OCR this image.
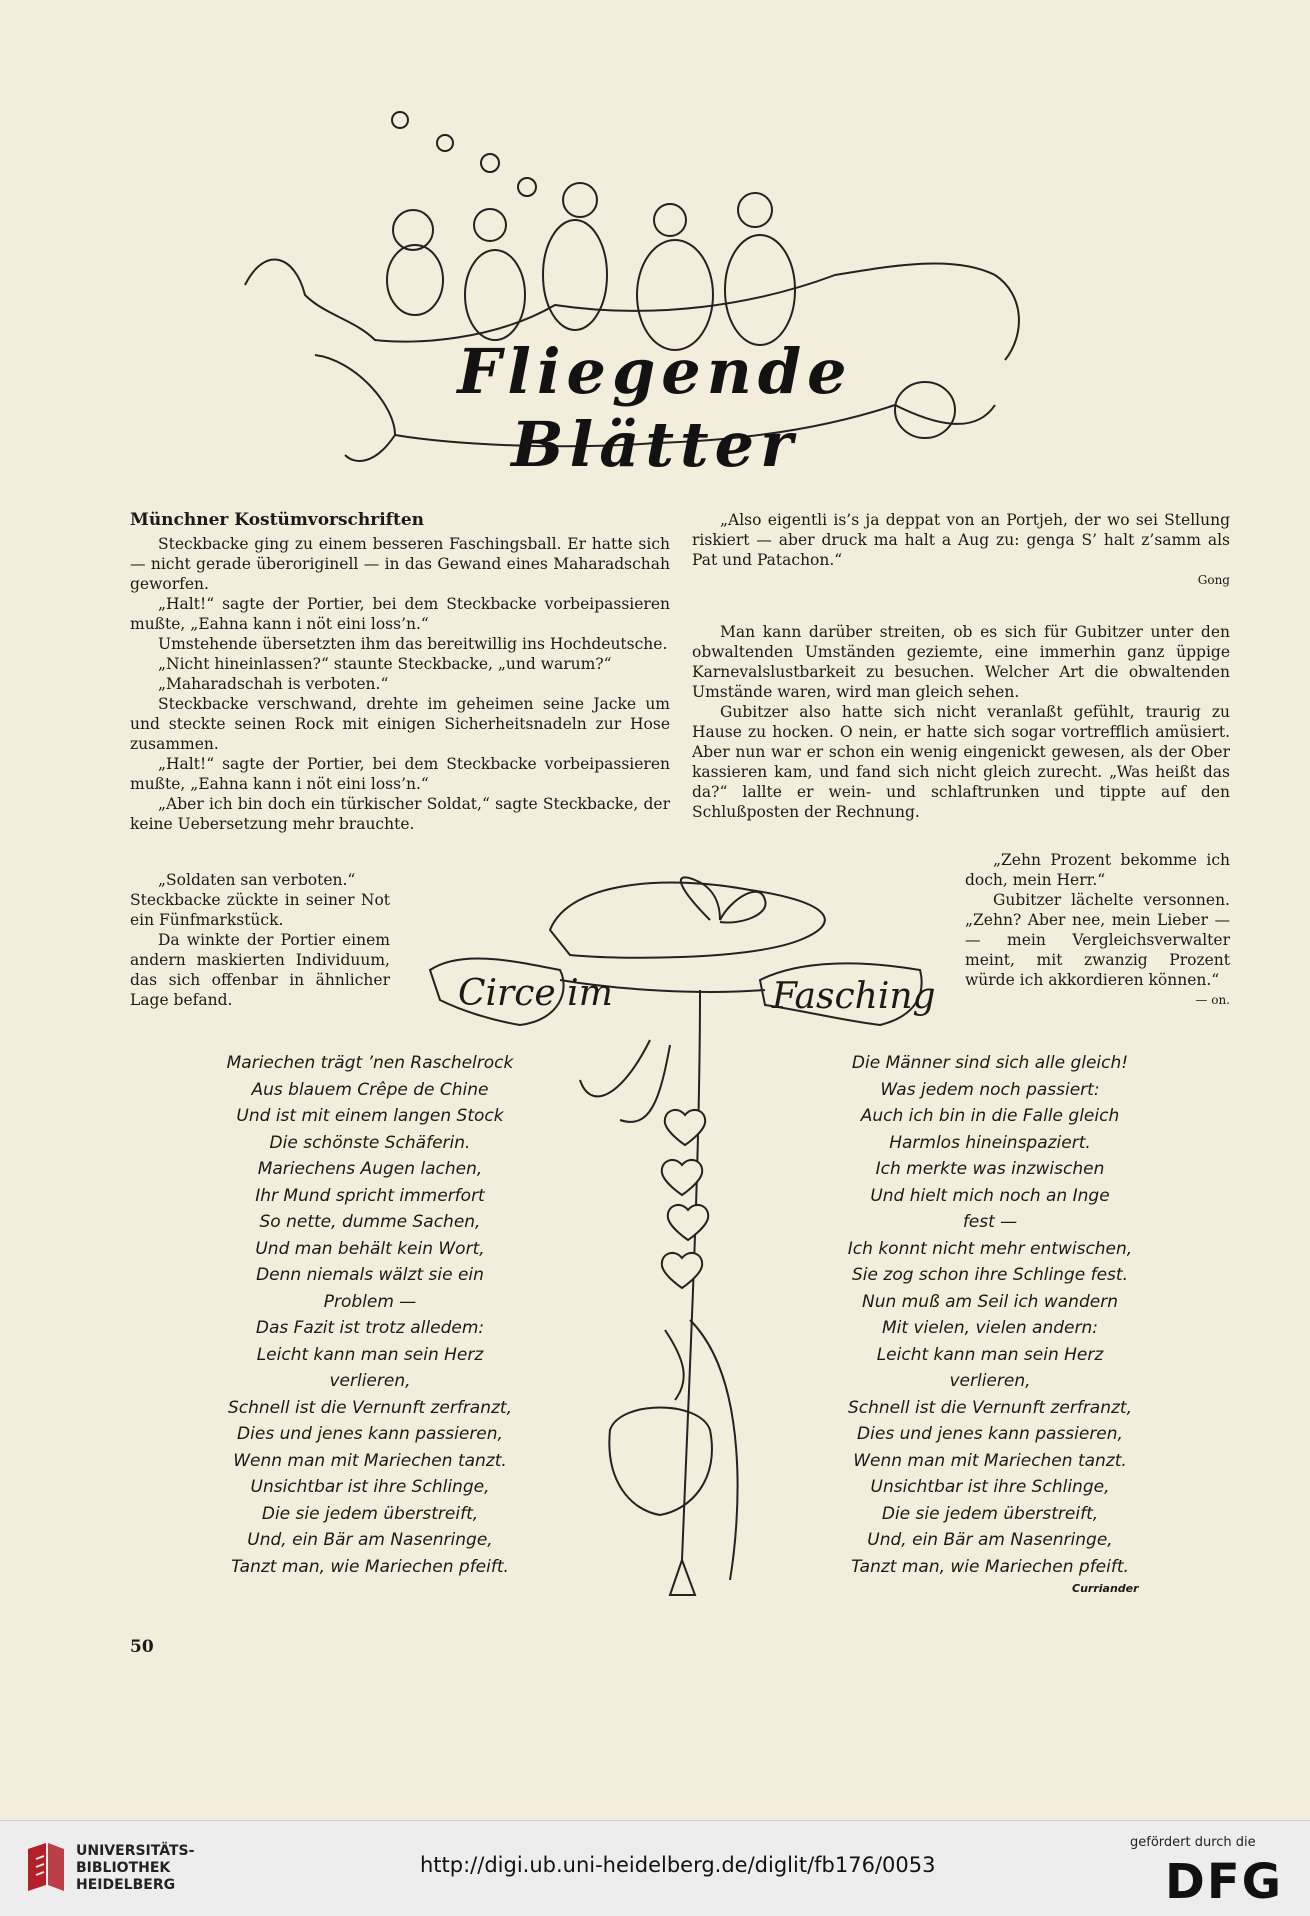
Fliegende Blätter

Münchner Kostümvorschriften

Steckbacke ging zu einem besseren Faschingsball. Er hatte sich — nicht gerade überoriginell — in das Gewand eines Maharadschah geworfen.

„Halt!“ sagte der Portier, bei dem Steckbacke vorbeipassieren mußte, „Eahna kann i nöt eini loss’n.“

Umstehende übersetzten ihm das bereitwillig ins Hochdeutsche.

„Nicht hineinlassen?“ staunte Steckbacke, „und warum?“

„Maharadschah is verboten.“

Steckbacke verschwand, drehte im geheimen seine Jacke um und steckte seinen Rock mit einigen Sicherheitsnadeln zur Hose zusammen.

„Halt!“ sagte der Portier, bei dem Steckbacke vorbeipassieren mußte, „Eahna kann i nöt eini loss’n.“

„Aber ich bin doch ein türkischer Soldat,“ sagte Steckbacke, der keine Uebersetzung mehr brauchte.

„Soldaten san verboten.“

Steckbacke zückte in seiner Not ein Fünfmarkstück.

Da winkte der Portier einem andern maskierten Individuum, das sich offenbar in ähnlicher Lage befand.

„Also eigentli is’s ja deppat von an Portjeh, der wo sei Stellung riskiert — aber druck ma halt a Aug zu: genga S’ halt z’samm als Pat und Patachon.“

Gong

Man kann darüber streiten, ob es sich für Gubitzer unter den obwaltenden Umständen geziemte, eine immerhin ganz üppige Karnevalslustbarkeit zu besuchen. Welcher Art die obwaltenden Umstände waren, wird man gleich sehen.

Gubitzer also hatte sich nicht veranlaßt gefühlt, traurig zu Hause zu hocken. O nein, er hatte sich sogar vortrefflich amüsiert. Aber nun war er schon ein wenig eingenickt gewesen, als der Ober kassieren kam, und fand sich nicht gleich zurecht. „Was heißt das da?“ lallte er wein- und schlaftrunken und tippte auf den Schlußposten der Rechnung.

„Zehn Prozent bekomme ich doch, mein Herr.“

Gubitzer lächelte versonnen. „Zehn? Aber nee, mein Lieber — — mein Vergleichsverwalter meint, mit zwanzig Prozent würde ich akkordieren können.“

— on.
Circe im	Fasching
Mariechen trägt ’nen Raschelrock
Aus blauem Crêpe de Chine
Und ist mit einem langen Stock
Die schönste Schäferin.
Mariechens Augen lachen,
Ihr Mund spricht immerfort
So nette, dumme Sachen,
Und man behält kein Wort,
Denn niemals wälzt sie ein
Problem —
Das Fazit ist trotz alledem:
Leicht kann man sein Herz
verlieren,
Schnell ist die Vernunft zerfranzt,
Dies und jenes kann passieren,
Wenn man mit Mariechen tanzt.
Unsichtbar ist ihre Schlinge,
Die sie jedem überstreift,
Und, ein Bär am Nasenringe,
Tanzt man, wie Mariechen pfeift.
Die Männer sind sich alle gleich!
Was jedem noch passiert:
Auch ich bin in die Falle gleich
Harmlos hineinspaziert.
Ich merkte was inzwischen
Und hielt mich noch an Inge
fest —
Ich konnt nicht mehr entwischen,
Sie zog schon ihre Schlinge fest.
Nun muß am Seil ich wandern
Mit vielen, vielen andern:
Leicht kann man sein Herz
verlieren,
Schnell ist die Vernunft zerfranzt,
Dies und jenes kann passieren,
Wenn man mit Mariechen tanzt.
Unsichtbar ist ihre Schlinge,
Die sie jedem überstreift,
Und, ein Bär am Nasenringe,
Tanzt man, wie Mariechen pfeift.
Curriander
50
UNIVERSITÄTS-
BIBLIOTHEK
HEIDELBERG
http://digi.ub.uni-heidelberg.de/diglit/fb176/0053
gefördert durch die
DFG
